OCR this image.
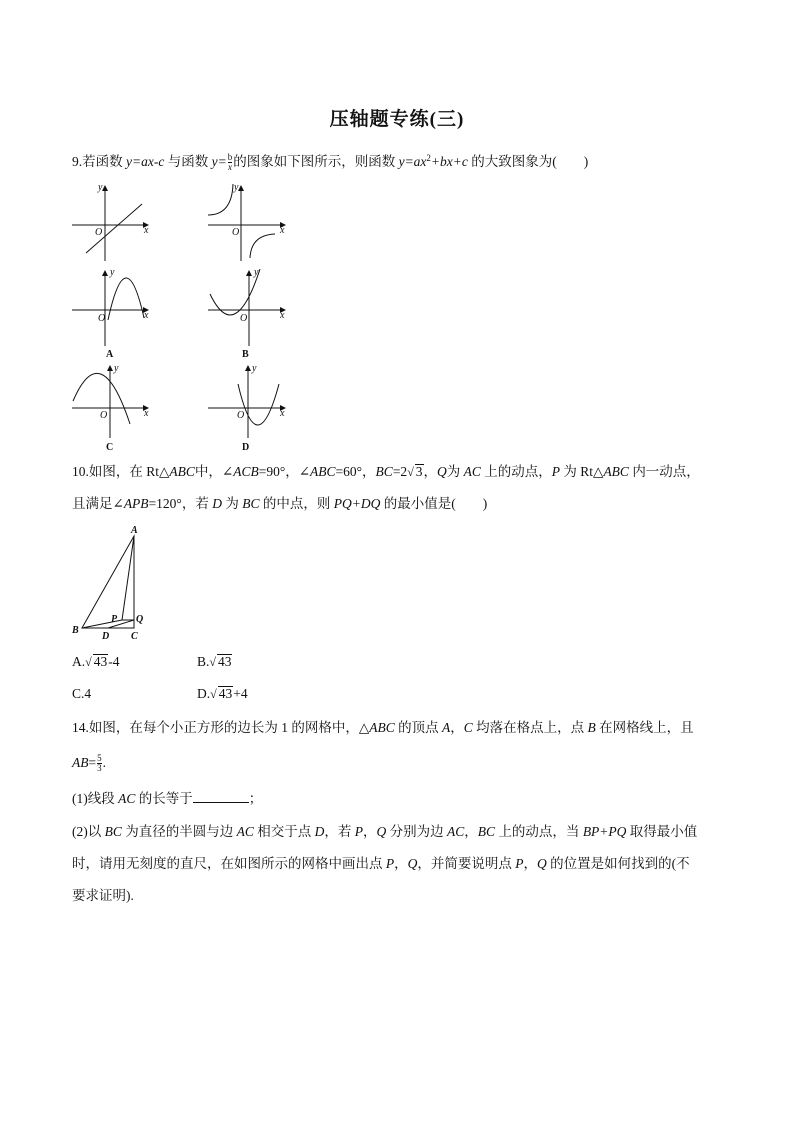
压轴题专练(三)
9.若函数 y=ax-c 与函数 $y= \frac{b}{x}$ 的图象如下图所示，则函数 $y=ax^2+bx+c$ 的大致图象为(　　)
y
x
O
y
x
O
y
x
O
y
x
O
y
x
O
y
x
O
A	B
C	D
10.如图，在 Rt△ABC中，∠ACB=90°，∠ABC=60°，BC=2√ 3，Q为 AC 上的动点，P 为 Rt△ABC 内一动点，
且满足∠APB=120°，若 D 为 BC 的中点，则 PQ+DQ 的最小值是(　　)
A
B
C
D
P Q
A.√ 43-4	B.√ 43
C.4	D.√ 43+4
14.如图，在每个小正方形的边长为 1 的网格中，△ABC 的顶点 A，C 均落在格点上，点 B 在网格线上，且
$AB= \frac{5}{3}$ .
(1)线段 AC 的长等于	；
(2)以 BC 为直径的半圆与边 AC 相交于点 D，若 P，Q 分别为边 AC，BC 上的动点，当 BP+PQ 取得最小值
时，请用无刻度的直尺，在如图所示的网格中画出点 P，Q，并简要说明点 P，Q 的位置是如何找到的(不
要求证明).
